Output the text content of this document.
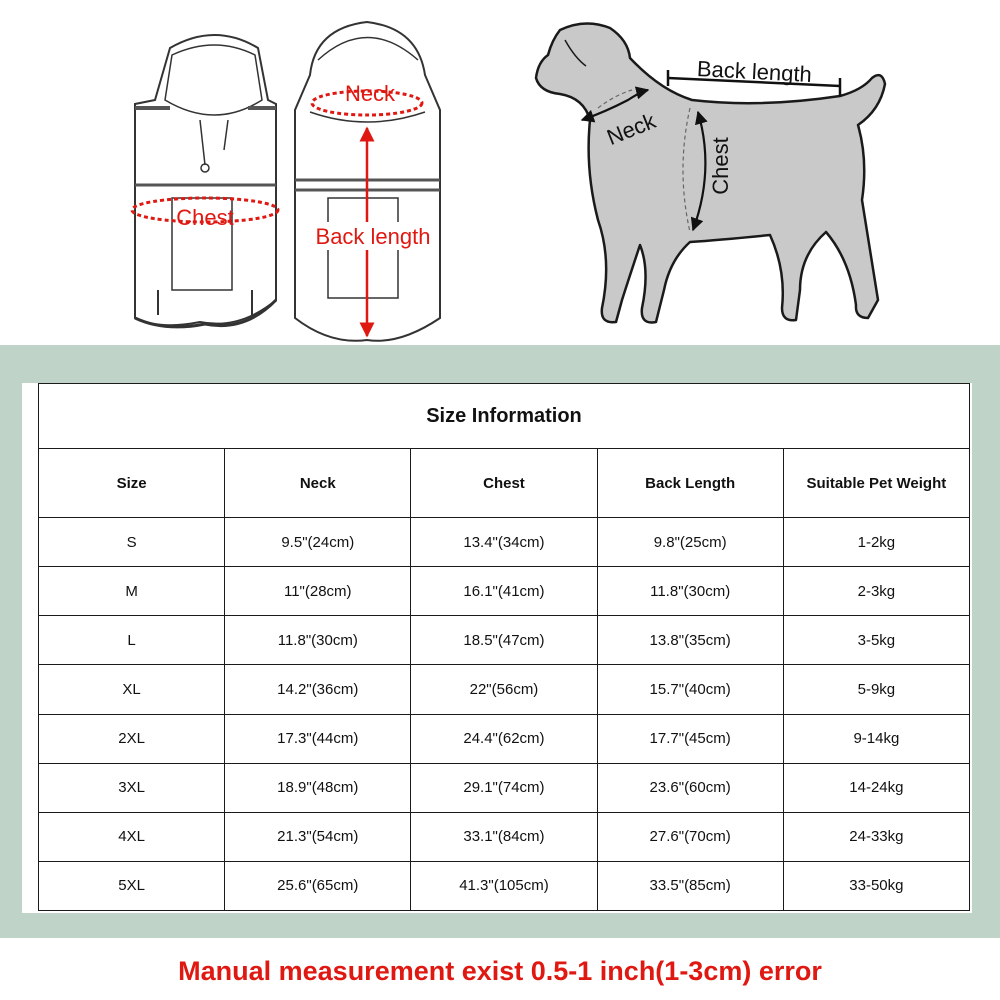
Chest
Neck
Back length
Back length
Neck
Chest
Size Information				
Size	Neck	Chest	Back Length	Suitable Pet Weight
S	9.5"(24cm)	13.4"(34cm)	9.8"(25cm)	1-2kg
M	11"(28cm)	16.1"(41cm)	11.8"(30cm)	2-3kg
L	11.8"(30cm)	18.5"(47cm)	13.8"(35cm)	3-5kg
XL	14.2"(36cm)	22"(56cm)	15.7"(40cm)	5-9kg
2XL	17.3"(44cm)	24.4"(62cm)	17.7"(45cm)	9-14kg
3XL	18.9"(48cm)	29.1"(74cm)	23.6"(60cm)	14-24kg
4XL	21.3"(54cm)	33.1"(84cm)	27.6"(70cm)	24-33kg
5XL	25.6"(65cm)	41.3"(105cm)	33.5"(85cm)	33-50kg
Manual measurement exist 0.5-1 inch(1-3cm) error
